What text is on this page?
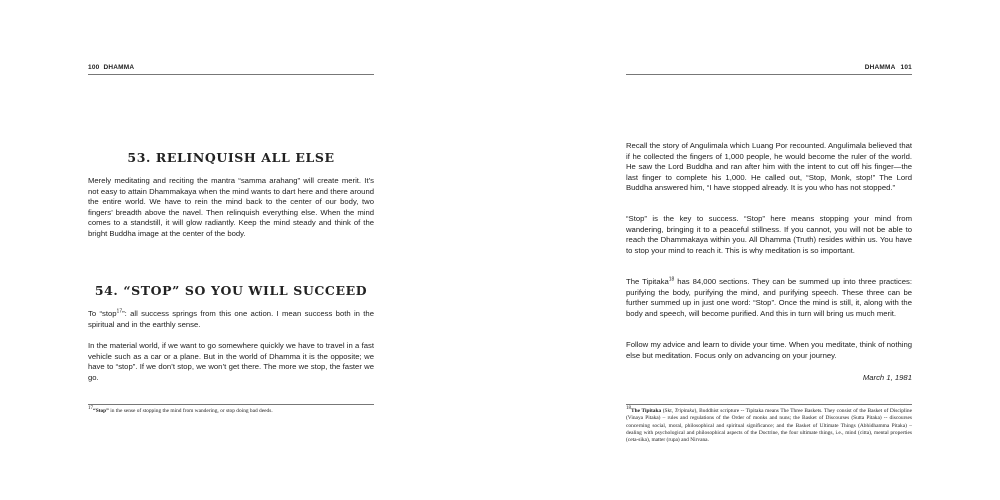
100 DHAMMA
53. RELINQUISH ALL ELSE

Merely meditating and reciting the mantra “samma arahang” will create merit. It’s not easy to attain Dhammakaya when the mind wants to dart here and there around the entire world. We have to rein the mind back to the center of our body, two fingers’ breadth above the navel. Then relinquish everything else. When the mind comes to a standstill, it will glow radiantly. Keep the mind steady and think of the bright Buddha image at the center of the body.

54. “STOP” SO YOU WILL SUCCEED

To “stop$^{17}$”: all success springs from this one action. I mean success both in the spiritual and in the earthly sense.

In the material world, if we want to go somewhere quickly we have to travel in a fast vehicle such as a car or a plane. But in the world of Dhamma it is the opposite; we have to “stop”. If we don’t stop, we won’t get there. The more we stop, the faster we go.

$^{17}$“Stop” in the sense of stopping the mind from wandering, or stop doing bad deeds.

DHAMMA 101

Recall the story of Angulimala which Luang Por recounted. Angulimala believed that if he collected the fingers of 1,000 people, he would become the ruler of the world. He saw the Lord Buddha and ran after him with the intent to cut off his finger—the last finger to complete his 1,000. He called out, “Stop, Monk, stop!” The Lord Buddha answered him, “I have stopped already. It is you who has not stopped.”

“Stop” is the key to success. “Stop” here means stopping your mind from wandering, bringing it to a peaceful stillness. If you cannot, you will not be able to reach the Dhammakaya within you. All Dhamma (Truth) resides within us. You have to stop your mind to reach it. This is why meditation is so important.

The Tipitaka$^{18}$ has 84,000 sections. They can be summed up into three practices: purifying the body, purifying the mind, and purifying speech. These three can be further summed up in just one word: “Stop”. Once the mind is still, it, along with the body and speech, will become purified. And this in turn will bring us much merit.

Follow my advice and learn to divide your time. When you meditate, think of nothing else but meditation. Focus only on advancing on your journey.

March 1, 1981

$^{18}$The Tipitaka (Skt, Tripitaka), Buddhist scripture -- Tipitaka means The Three Baskets. They consist of the Basket of Discipline (Vinaya Pitaka) – rules and regulations of the Order of monks and nuns; the Basket of Discourses (Sutta Pitaka) -- discourses concerning social, moral, philosophical and spiritual significance; and the Basket of Ultimate Things (Abhidhamma Pitaka) – dealing with psychological and philosophical aspects of the Doctrine, the four ultimate things, i.e., mind (citta), mental properties (ceta-sika), matter (rupa) and Nirvana.
